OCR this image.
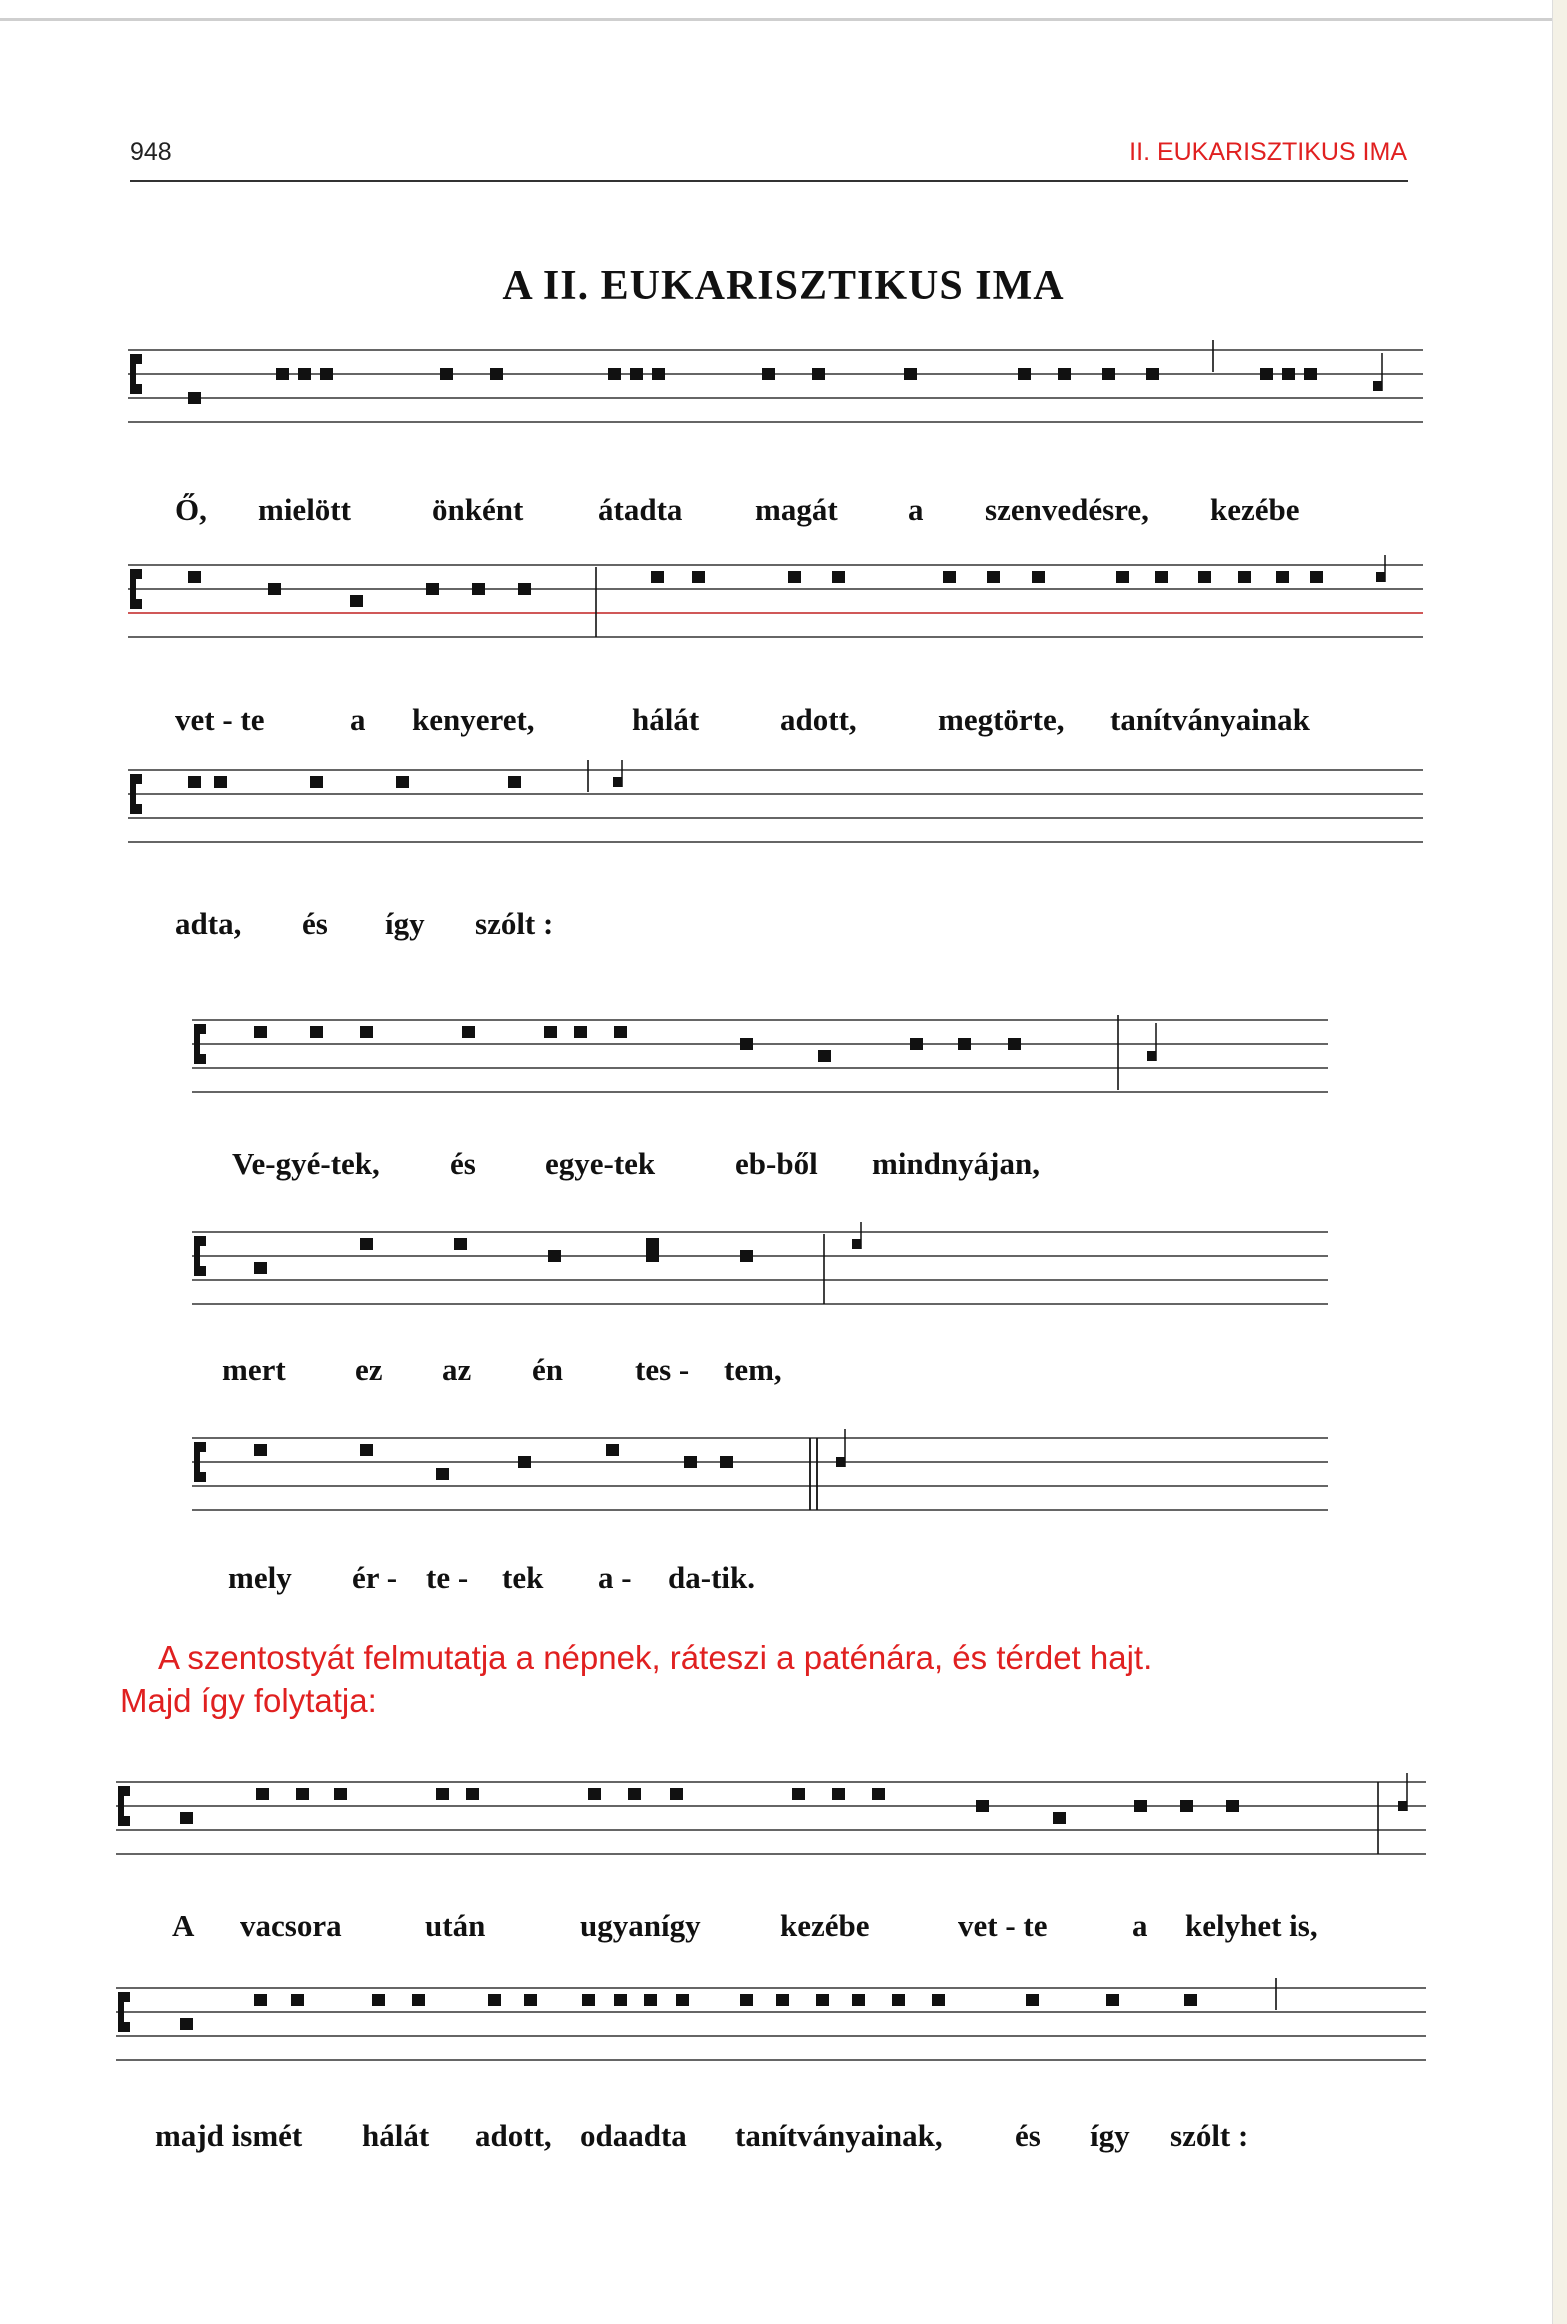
948	II. EUKARISZTIKUS IMA
A II. EUKARISZTIKUS IMA
Ő, mielött	önként átadta magát a szenvedésre, kezébe
vet - te	a kenyeret,	hálát	adott,	megtörte, tanítványainak
adta, és így szólt :
Ve-gyé-tek, és egye-tek	eb-ből mindnyájan,
mert ez az én tes - tem,
mely ér - te - tek a - da-tik.
A szentostyát felmutatja a népnek, ráteszi a paténára, és térdet hajt.
Majd így folytatja:
A vacsora	után	ugyanígy	kezébe	vet - te	a kelyhet is,
majd ismét hálát adott, odaadta tanítványainak, és így szólt :
